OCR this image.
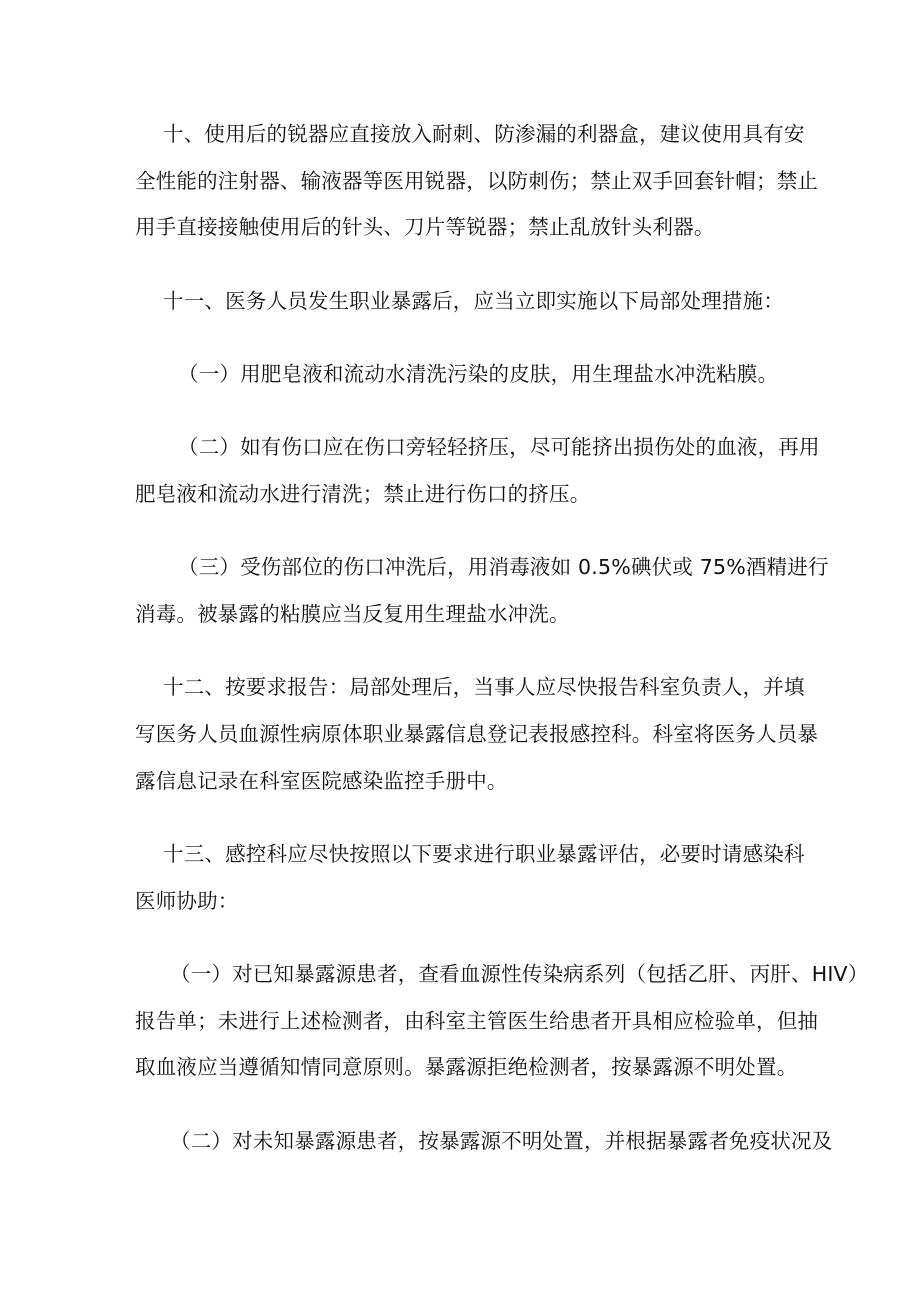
十、使用后的锐器应直接放入耐刺、防渗漏的利器盒，建议使用具有安
全性能的注射器、输液器等医用锐器，以防刺伤；禁止双手回套针帽；禁止
用手直接接触使用后的针头、刀片等锐器；禁止乱放针头利器。
十一、医务人员发生职业暴露后，应当立即实施以下局部处理措施：
（一）用肥皂液和流动水清洗污染的皮肤，用生理盐水冲洗粘膜。
（二）如有伤口应在伤口旁轻轻挤压，尽可能挤出损伤处的血液，再用
肥皂液和流动水进行清洗；禁止进行伤口的挤压。
（三）受伤部位的伤口冲洗后，用消毒液如 0.5%碘伏或 75%酒精进行
消毒。被暴露的粘膜应当反复用生理盐水冲洗。
十二、按要求报告：局部处理后，当事人应尽快报告科室负责人，并填
写医务人员血源性病原体职业暴露信息登记表报感控科。科室将医务人员暴
露信息记录在科室医院感染监控手册中。
十三、感控科应尽快按照以下要求进行职业暴露评估，必要时请感染科
医师协助：
（一）对已知暴露源患者，查看血源性传染病系列（包括乙肝、丙肝、HIV）
报告单；未进行上述检测者，由科室主管医生给患者开具相应检验单，但抽
取血液应当遵循知情同意原则。暴露源拒绝检测者，按暴露源不明处置。
（二）对未知暴露源患者，按暴露源不明处置，并根据暴露者免疫状况及
